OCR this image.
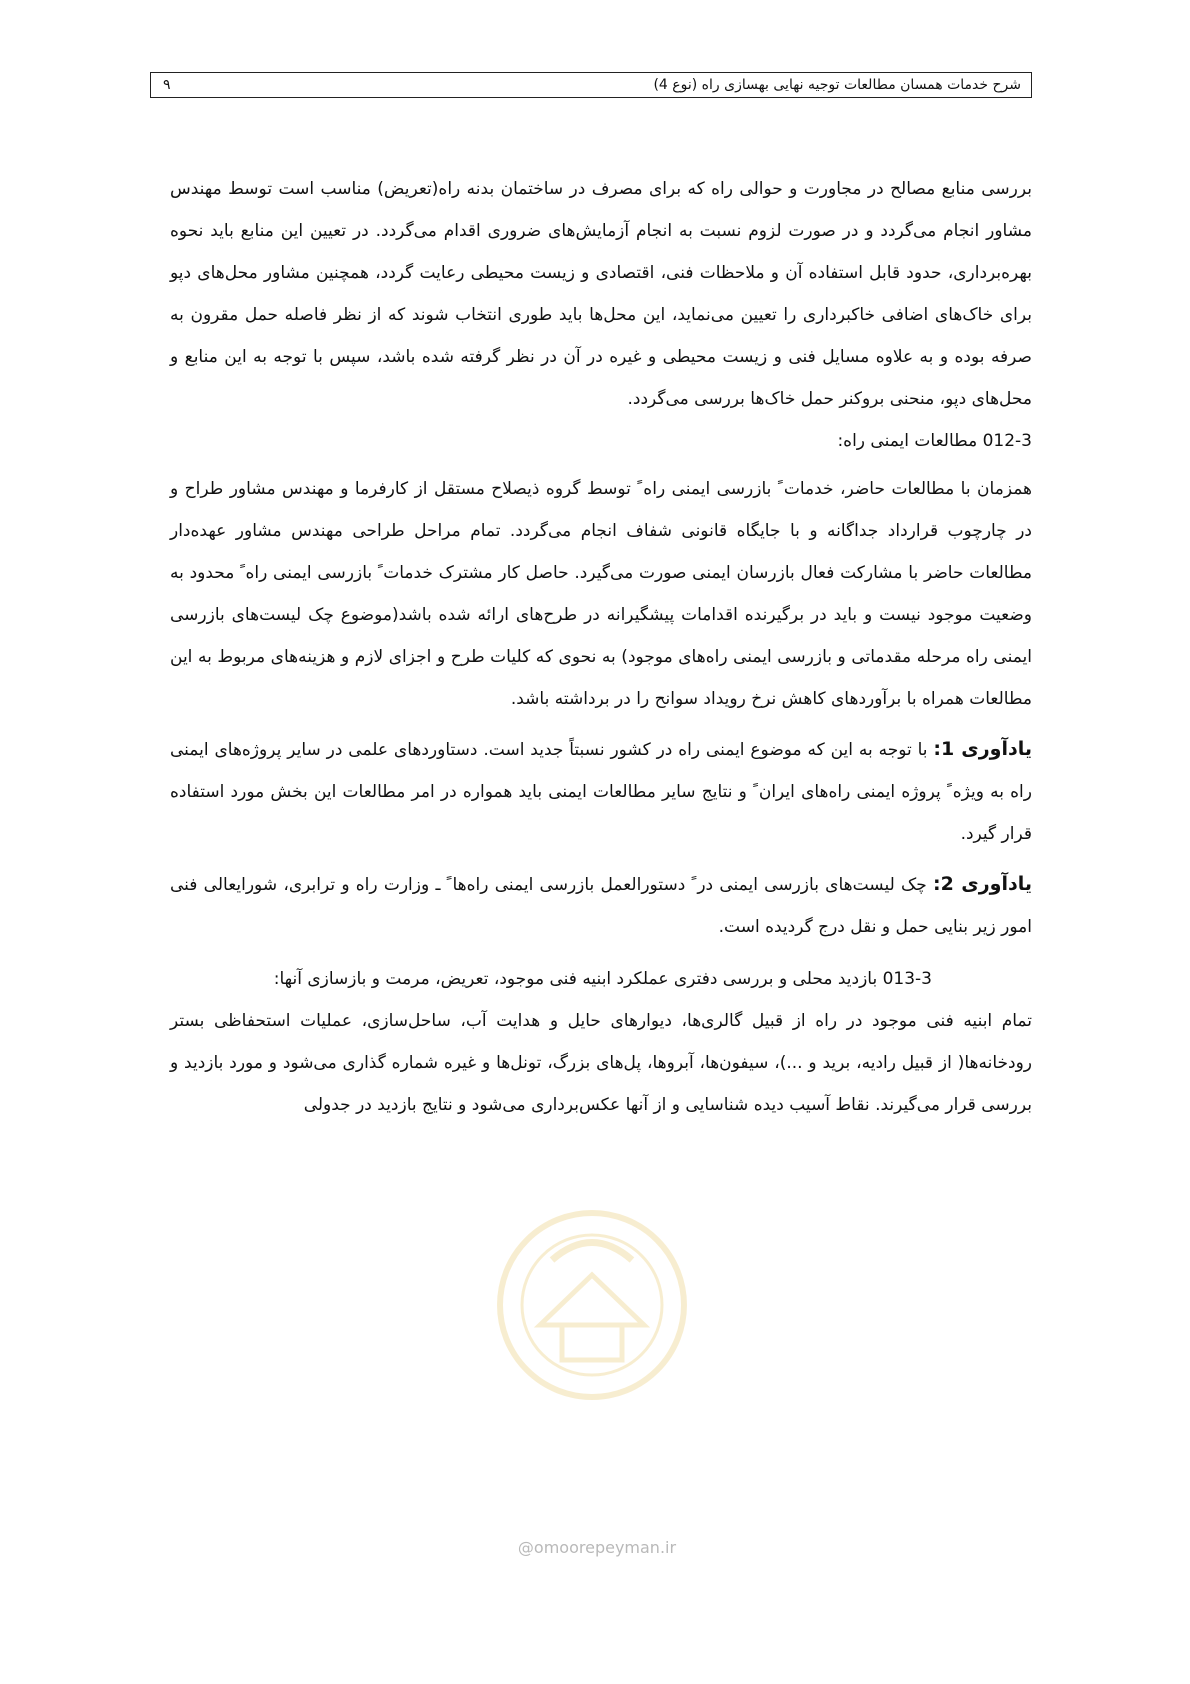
شرح خدمات همسان مطالعات توجیه نهایی بهسازی راه (نوع 4)
۹

بررسی منابع مصالح در مجاورت و حوالی راه که برای مصرف در ساختمان بدنه راه(تعریض) مناسب است توسط مهندس مشاور انجام می‌گردد و در صورت لزوم نسبت به انجام آزمایش‌های ضروری اقدام می‌گردد. در تعیین این منابع باید نحوه بهره‌برداری، حدود قابل استفاده آن و ملاحظات فنی، اقتصادی و زیست محیطی رعایت گردد، همچنین مشاور محل‌های دپو برای خاک‌های اضافی خاکبرداری را تعیین می‌نماید، این محل‌ها باید طوری انتخاب شوند که از نظر فاصله حمل مقرون به صرفه بوده و به علاوه مسایل فنی و زیست محیطی و غیره در آن در نظر گرفته شده باشد، سپس با توجه به این منابع و محل‌های دپو، منحنی بروکنر حمل خاک‌ها بررسی می‌گردد.

012-3 مطالعات ایمنی راه:

همزمان با مطالعات حاضر، خدمات ً بازرسی ایمنی راه ً توسط گروه ذیصلاح مستقل از کارفرما و مهندس مشاور طراح و در چارچوب قرارداد جداگانه و با جایگاه قانونی شفاف انجام می‌گردد. تمام مراحل طراحی مهندس مشاور عهده‌دار مطالعات حاضر با مشارکت فعال بازرسان ایمنی صورت می‌گیرد. حاصل کار مشترک خدمات ً بازرسی ایمنی راه ً محدود به وضعیت موجود نیست و باید در برگیرنده اقدامات پیشگیرانه در طرح‌های ارائه شده باشد(موضوع چک لیست‌های بازرسی ایمنی راه مرحله مقدماتی و بازرسی ایمنی راه‌های موجود) به نحوی که کلیات طرح و اجزای لازم و هزینه‌های مربوط به این مطالعات همراه با برآوردهای کاهش نرخ رویداد سوانح را در برداشته باشد.

یادآوری 1: با توجه به این که موضوع ایمنی راه در کشور نسبتاً جدید است. دستاوردهای علمی در سایر پروژه‌های ایمنی راه به ویژه ً پروژه ایمنی راه‌های ایران ً و نتایج سایر مطالعات ایمنی باید همواره در امر مطالعات این بخش مورد استفاده قرار گیرد.

یادآوری 2: چک لیست‌های بازرسی ایمنی در ً دستورالعمل بازرسی ایمنی راه‌ها ً ـ وزارت راه و ترابری، شورایعالی فنی امور زیر بنایی حمل و نقل درج گردیده است.

013-3 بازدید محلی و بررسی دفتری عملکرد ابنیه فنی موجود، تعریض، مرمت و بازسازی آنها:

تمام ابنیه فنی موجود در راه از قبیل گالری‌ها، دیوارهای حایل و هدایت آب، ساحل‌سازی، عملیات استحفاظی بستر رودخانه‌ها( از قبیل رادیه، برید و ...)، سیفون‌ها، آبروها، پل‌های بزرگ، تونل‌ها و غیره شماره گذاری می‌شود و مورد بازدید و بررسی قرار می‌گیرند. نقاط آسیب دیده شناسایی و از آنها عکس‌برداری می‌شود و نتایج بازدید در جدولی

@omoorepeyman.ir
